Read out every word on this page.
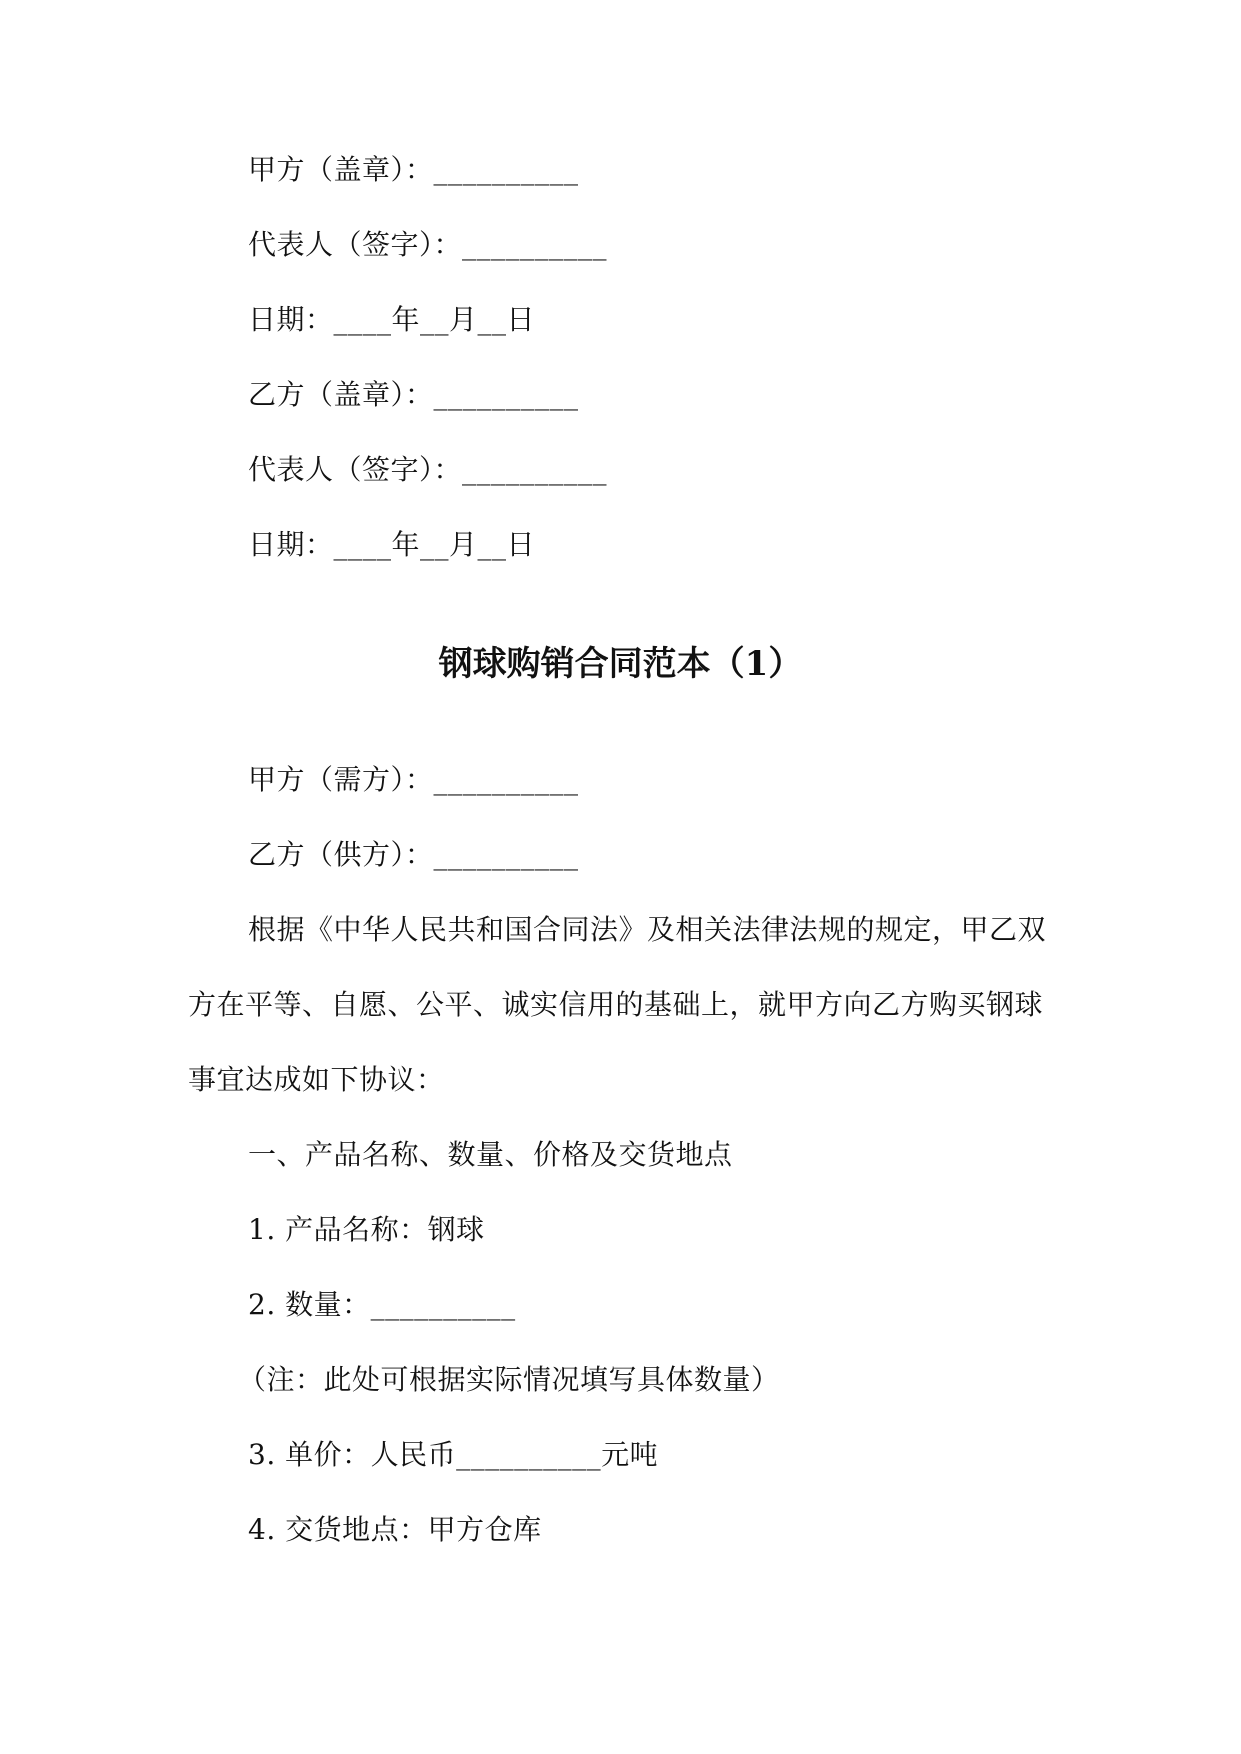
甲方（盖章）：__________
代表人（签字）：__________
日期：____年__月__日
乙方（盖章）：__________
代表人（签字）：__________
日期：____年__月__日
钢球购销合同范本（1）
甲方（需方）：__________
乙方（供方）：__________
根据《中华人民共和国合同法》及相关法律法规的规定，甲乙双
方在平等、自愿、公平、诚实信用的基础上，就甲方向乙方购买钢球
事宜达成如下协议：
一、产品名称、数量、价格及交货地点
1. 产品名称：钢球
2. 数量：__________
（注：此处可根据实际情况填写具体数量）
3. 单价：人民币__________元吨
4. 交货地点：甲方仓库
